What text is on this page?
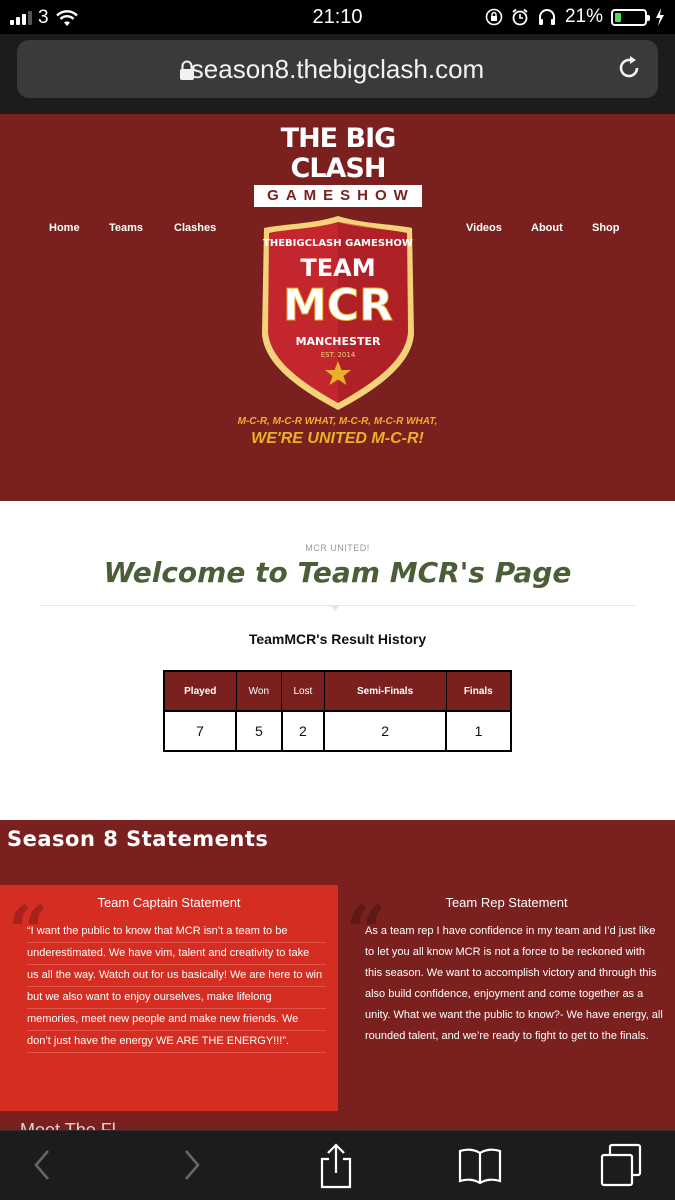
3	21:10	21%
season8.thebigclash.com
THE BIG CLASH
GAMESHOW
Home	Teams	Clashes	Videos	About	Shop
THEBIGCLASH GAMESHOW
TEAM
MCR
MANCHESTER
EST. 2014
M-C-R, M-C-R WHAT, M-C-R, M-C-R WHAT,
WE'RE UNITED M-C-R!
MCR UNITED!
Welcome to Team MCR's Page
TeamMCR's Result History
Played	Won	Lost	Semi-Finals	Finals
7	5	2	2	1
Season 8 Statements
“	Team Captain Statement
“I want the public to know that MCR isn’t a team to be
underestimated. We have vim, talent and creativity to take
us all the way. Watch out for us basically! We are here to win
but we also want to enjoy ourselves, make lifelong
memories, meet new people and make new friends. We
don’t just have the energy WE ARE THE ENERGY!!!”.
“	Team Rep Statement
As a team rep I have confidence in my team and I’d just like to let you all know MCR is not a force to be reckoned with this season. We want to accomplish victory and through this also build confidence, enjoyment and come together as a unity. What we want the public to know?- We have energy, all rounded talent, and we’re ready to fight to get to the finals.
